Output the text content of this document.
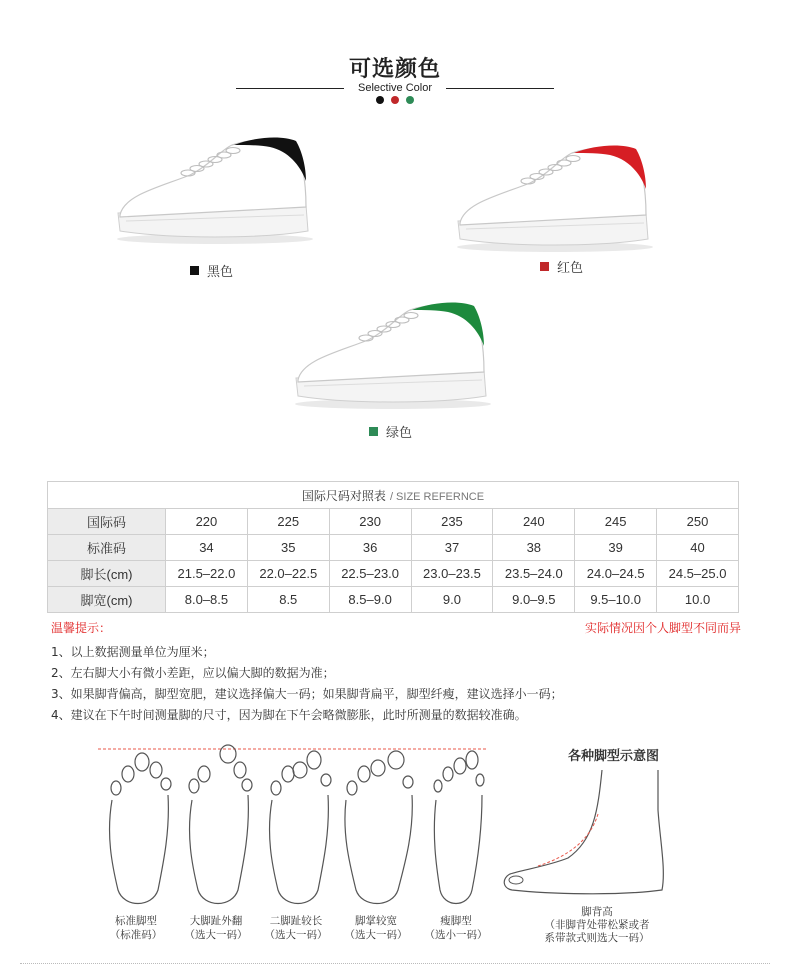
可选颜色
Selective Color
黑色	红色
绿色
国际尺码对照表 / SIZE REFERNCE							
国际码	220	225	230	235	240	245	250
标准码	34	35	36	37	38	39	40
脚长(cm)	21.5–22.0	22.0–22.5	22.5–23.0	23.0–23.5	23.5–24.0	24.0–24.5	24.5–25.0
脚宽(cm)	8.0–8.5	8.5	8.5–9.0	9.0	9.0–9.5	9.5–10.0	10.0
温馨提示：	实际情况因个人脚型不同而异
1、以上数据测量单位为厘米；
2、左右脚大小有微小差距，应以偏大脚的数据为准；
3、如果脚背偏高，脚型宽肥，建议选择偏大一码；如果脚背扁平，脚型纤瘦，建议选择小一码；
4、建议在下午时间测量脚的尺寸，因为脚在下午会略微膨胀，此时所测量的数据较准确。
各种脚型示意图
标准脚型
（标准码）
大脚趾外翻
（选大一码）
二脚趾较长
（选大一码）
脚掌较宽
（选大一码）
瘦脚型
（选小一码）
脚背高
（非脚背处带松紧或者
系带款式则选大一码）
